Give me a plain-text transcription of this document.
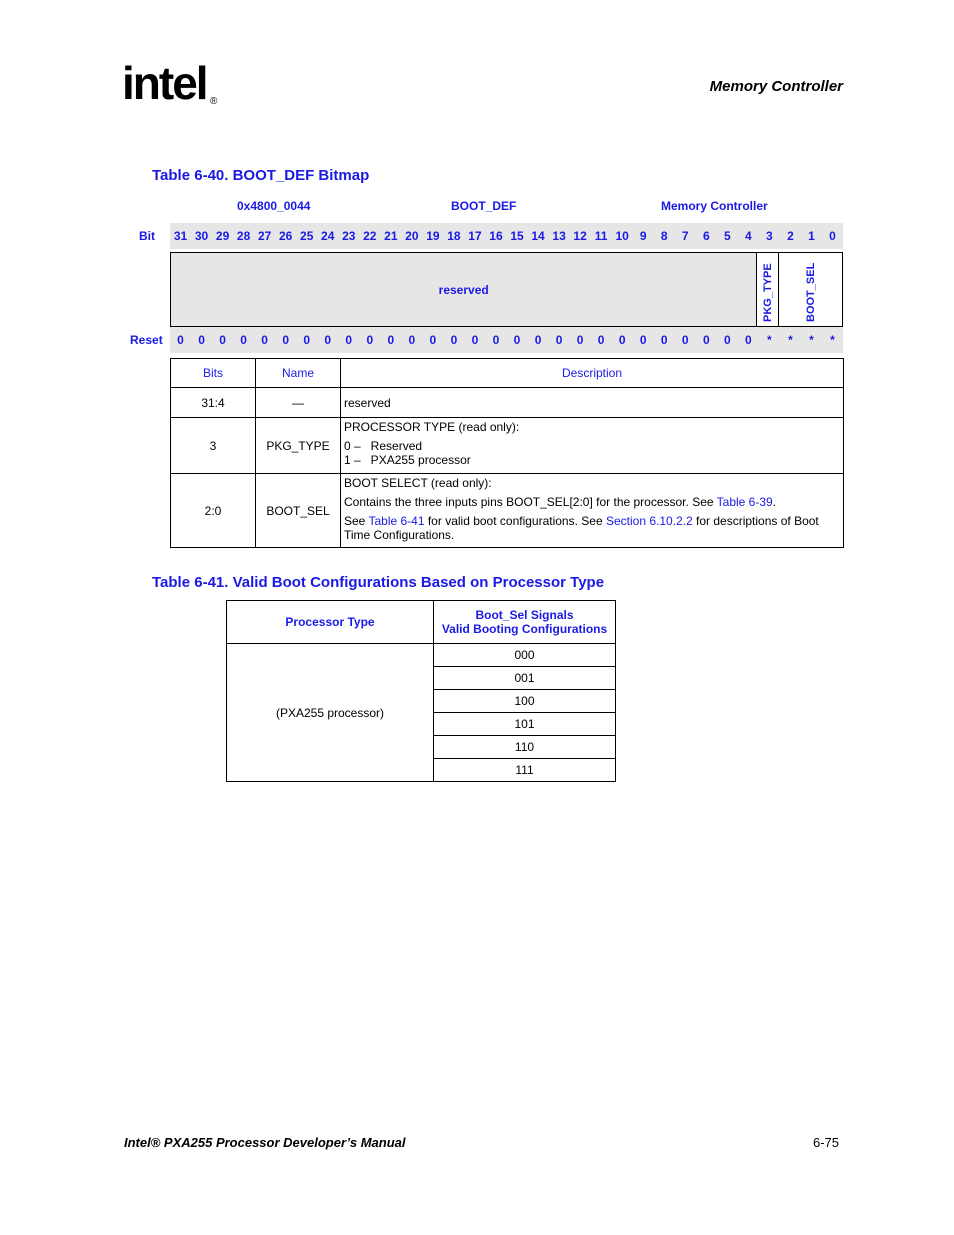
intel ®
Memory Controller
Table 6-40. BOOT_DEF Bitmap
0x4800_0044	BOOT_DEF	Memory Controller
Bit	31 30 29 28 27 26 25 24 23 22 21 20 19 18 17 16 15 14 13 12 11 10 9	8	7	6	5	4	3	2	1	0
reserved	PKG_TYPE	BOOT_SEL
Reset	0	0	0	0	0	0	0	0	0	0	0	0	0	0	0	0	0	0	0	0	0	0	0	0	0	0	0	0	*	*	*	*
Bits	Name	Description
31:4	—	reserved
3	PKG_TYPE	PROCESSOR TYPE (read only):
0 –   Reserved
1 –   PXA255 processor

2:0	BOOT_SEL	BOOT SELECT (read only):
Contains the three inputs pins BOOT_SEL[2:0] for the processor. See Table 6-39.
See Table 6-41 for valid boot configurations. See Section 6.10.2.2 for descriptions of Boot Time Configurations.
Table 6-41. Valid Boot Configurations Based on Processor Type
Processor Type	Boot_Sel Signals
Valid Booting Configurations

(PXA255 processor)	000
	001
	100
	101
	110
	111
Intel® PXA255 Processor Developer’s Manual	6-75
